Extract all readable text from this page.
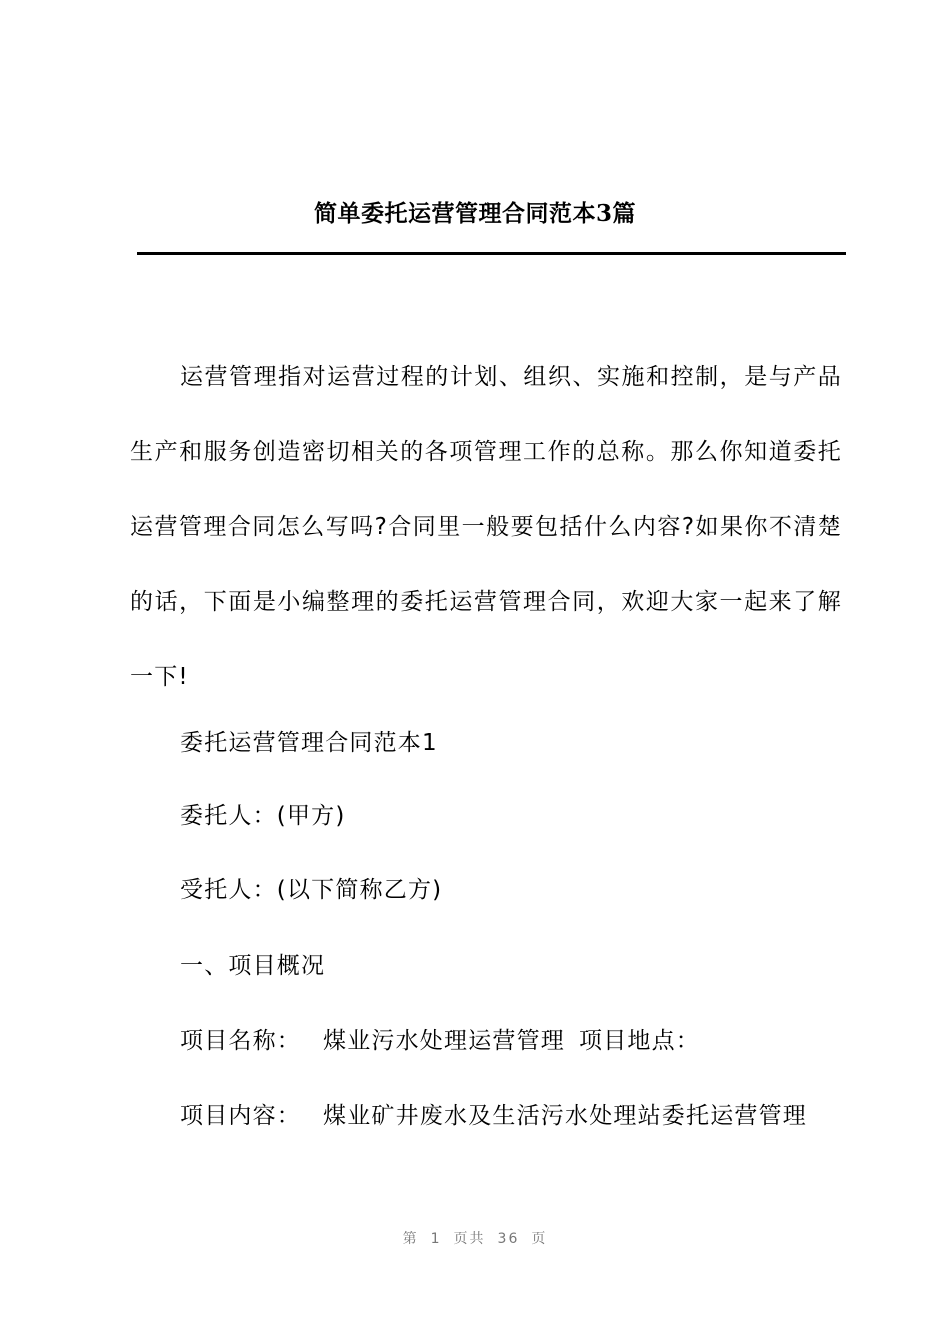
简单委托运营管理合同范本3篇

运营管理指对运营过程的计划、组织、实施和控制，是与产品生产和服务创造密切相关的各项管理工作的总称。那么你知道委托运营管理合同怎么写吗?合同里一般要包括什么内容?如果你不清楚的话，下面是小编整理的委托运营管理合同，欢迎大家一起来了解一下!

委托运营管理合同范本1

委托人：(甲方)

受托人：(以下简称乙方)

一、项目概况

项目名称： 煤业污水处理运营管理 项目地点：

项目内容： 煤业矿井废水及生活污水处理站委托运营管理

第 1 页共 36 页
